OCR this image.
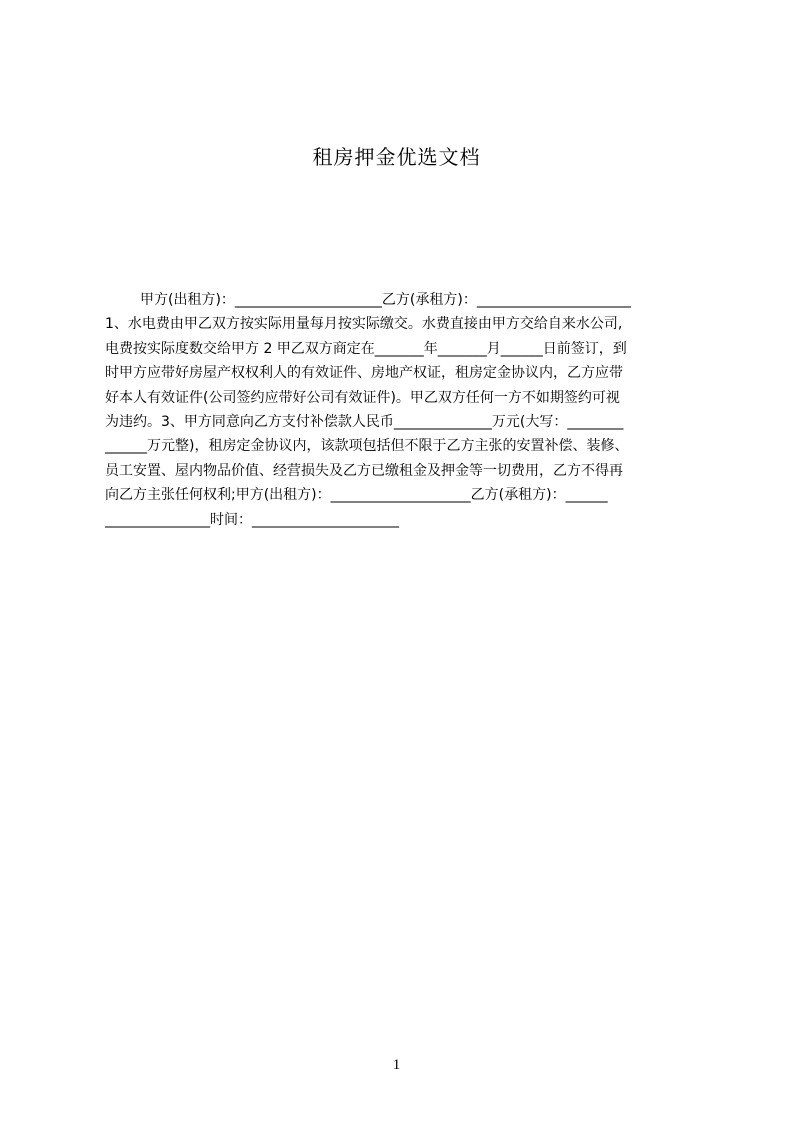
租房押金优选文档
甲方(出租方)：_____________________乙方(承租方)：______________________
1、水电费由甲乙双方按实际用量每月按实际缴交。水费直接由甲方交给自来水公司,
电费按实际度数交给甲方 2 甲乙双方商定在_______年_______月______日前签订，到
时甲方应带好房屋产权权利人的有效证件、房地产权证，租房定金协议内，乙方应带
好本人有效证件(公司签约应带好公司有效证件)。甲乙双方任何一方不如期签约可视
为违约。3、甲方同意向乙方支付补偿款人民币______________万元(大写：________
______万元整)，租房定金协议内，该款项包括但不限于乙方主张的安置补偿、装修、
员工安置、屋内物品价值、经营损失及乙方已缴租金及押金等一切费用，乙方不得再
向乙方主张任何权利;甲方(出租方)：____________________乙方(承租方)：______
_______________时间：_____________________
1
